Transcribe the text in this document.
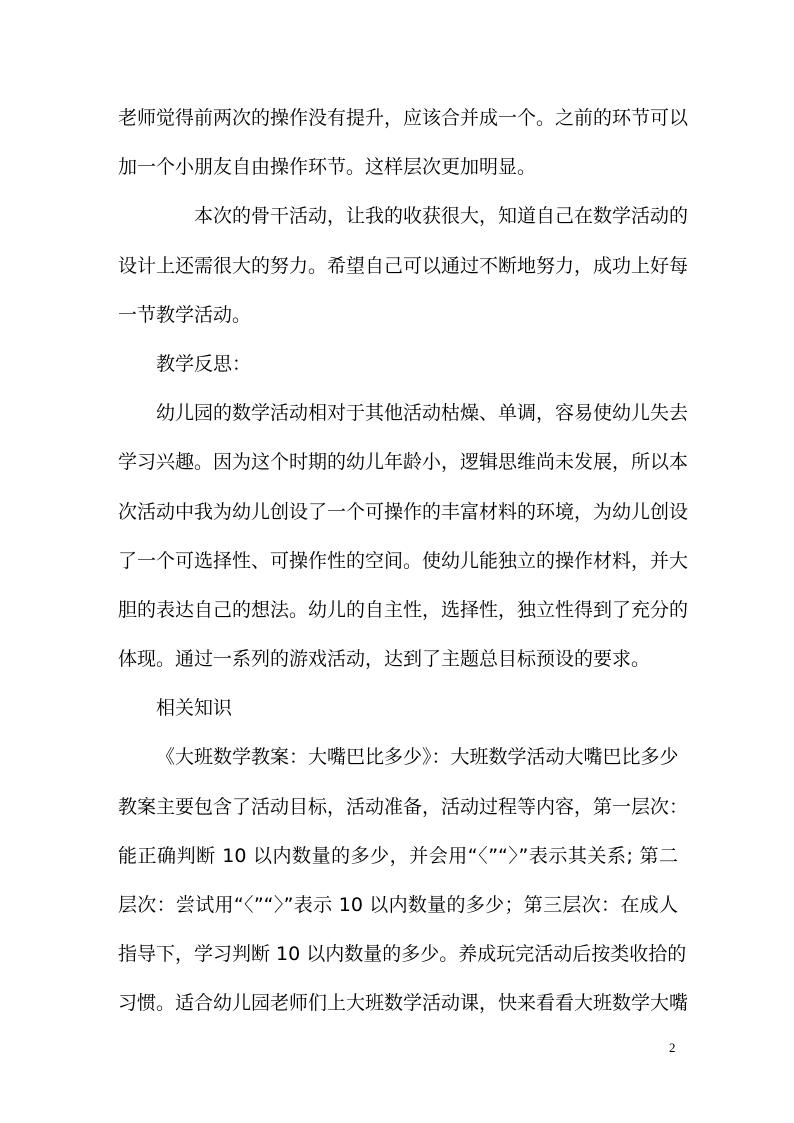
老师觉得前两次的操作没有提升，应该合并成一个。之前的环节可以
加一个小朋友自由操作环节。这样层次更加明显。
本次的骨干活动，让我的收获很大，知道自己在数学活动的
设计上还需很大的努力。希望自己可以通过不断地努力，成功上好每
一节教学活动。
教学反思：
幼儿园的数学活动相对于其他活动枯燥、单调，容易使幼儿失去
学习兴趣。因为这个时期的幼儿年龄小，逻辑思维尚未发展，所以本
次活动中我为幼儿创设了一个可操作的丰富材料的环境，为幼儿创设
了一个可选择性、可操作性的空间。使幼儿能独立的操作材料，并大
胆的表达自己的想法。幼儿的自主性，选择性，独立性得到了充分的
体现。通过一系列的游戏活动，达到了主题总目标预设的要求。
相关知识
《大班数学教案：大嘴巴比多少》：大班数学活动大嘴巴比多少
教案主要包含了活动目标，活动准备，活动过程等内容，第一层次：
能正确判断 10 以内数量的多少，并会用“〈”“〉”表示其关系; 第二
层次：尝试用“〈”“〉”表示 10 以内数量的多少；第三层次：在成人
指导下，学习判断 10 以内数量的多少。养成玩完活动后按类收拾的
习惯。适合幼儿园老师们上大班数学活动课，快来看看大班数学大嘴
2
